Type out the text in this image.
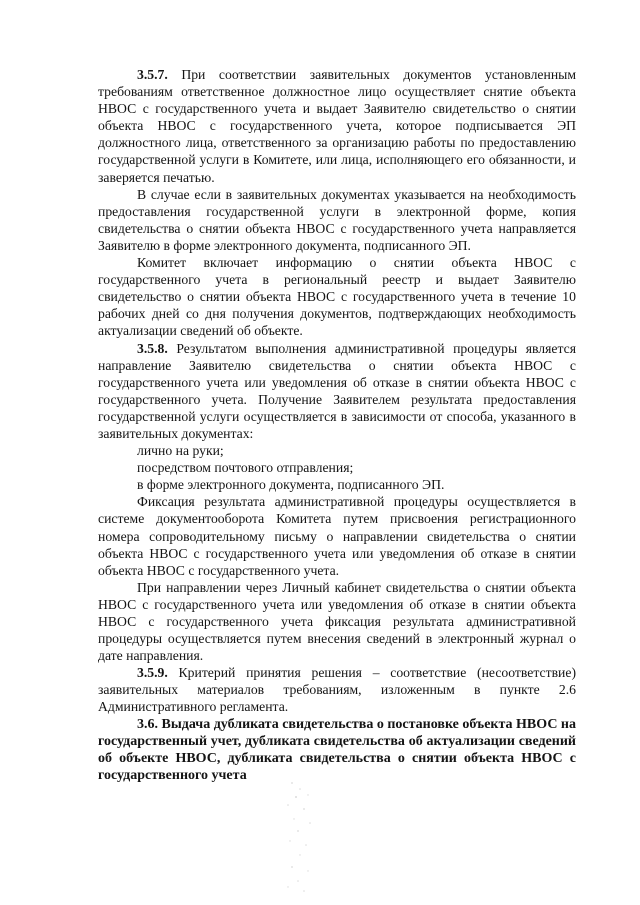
3.5.7. При соответствии заявительных документов установленным требованиям ответственное должностное лицо осуществляет снятие объекта НВОС с государственного учета и выдает Заявителю свидетельство о снятии объекта НВОС с государственного учета, которое подписывается ЭП должностного лица, ответственного за организацию работы по предоставлению государственной услуги в Комитете, или лица, исполняющего его обязанности, и заверяется печатью.

В случае если в заявительных документах указывается на необходимость предоставления государственной услуги в электронной форме, копия свидетельства о снятии объекта НВОС с государственного учета направляется Заявителю в форме электронного документа, подписанного ЭП.

Комитет включает информацию о снятии объекта НВОС с государственного учета в региональный реестр и выдает Заявителю свидетельство о снятии объекта НВОС с государственного учета в течение 10 рабочих дней со дня получения документов, подтверждающих необходимость актуализации сведений об объекте.

3.5.8. Результатом выполнения административной процедуры является направление Заявителю свидетельства о снятии объекта НВОС с государственного учета или уведомления об отказе в снятии объекта НВОС с государственного учета. Получение Заявителем результата предоставления государственной услуги осуществляется в зависимости от способа, указанного в заявительных документах:

лично на руки;

посредством почтового отправления;

в форме электронного документа, подписанного ЭП.

Фиксация результата административной процедуры осуществляется в системе документооборота Комитета путем присвоения регистрационного номера сопроводительному письму о направлении свидетельства о снятии объекта НВОС с государственного учета или уведомления об отказе в снятии объекта НВОС с государственного учета.

При направлении через Личный кабинет свидетельства о снятии объекта НВОС с государственного учета или уведомления об отказе в снятии объекта НВОС с государственного учета фиксация результата административной процедуры осуществляется путем внесения сведений в электронный журнал о дате направления.

3.5.9. Критерий принятия решения – соответствие (несоответствие) заявительных материалов требованиям, изложенным в пункте 2.6 Административного регламента.

3.6. Выдача дубликата свидетельства о постановке объекта НВОС на государственный учет, дубликата свидетельства об актуализации сведений об объекте НВОС, дубликата свидетельства о снятии объекта НВОС с государственного учета
